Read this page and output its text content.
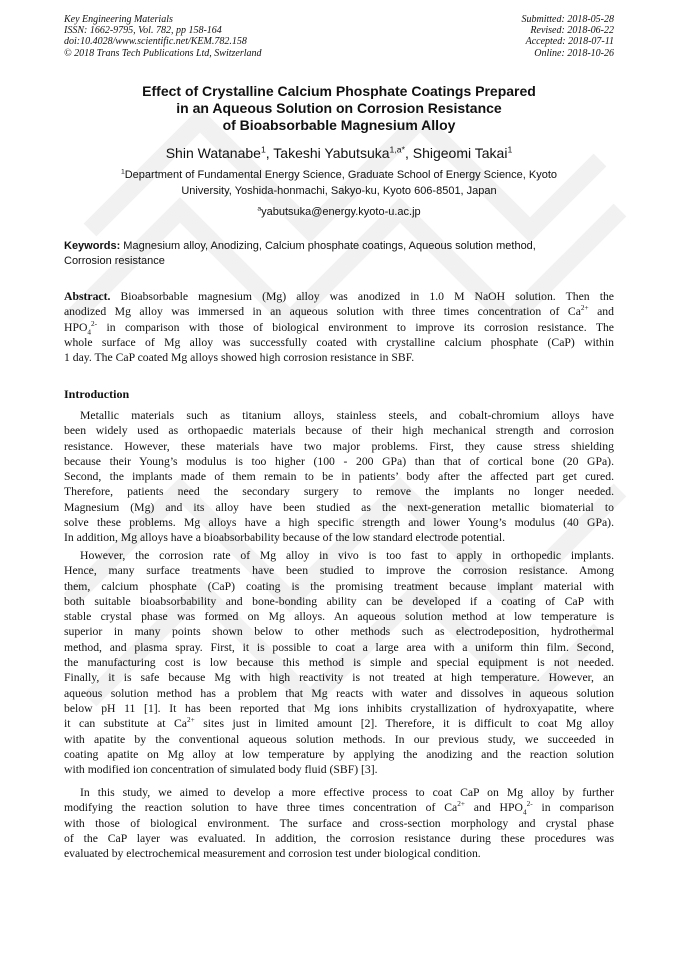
Key Engineering Materials
ISSN: 1662-9795, Vol. 782, pp 158-164
doi:10.4028/www.scientific.net/KEM.782.158
© 2018 Trans Tech Publications Ltd, Switzerland
Submitted: 2018-05-28
Revised: 2018-06-22
Accepted: 2018-07-11
Online: 2018-10-26
Effect of Crystalline Calcium Phosphate Coatings Prepared
in an Aqueous Solution on Corrosion Resistance
of Bioabsorbable Magnesium Alloy
Shin Watanabe$^1$, Takeshi Yabutsuka$^{1,a*}$, Shigeomi Takai$^1$
$^1$Department of Fundamental Energy Science, Graduate School of Energy Science, Kyoto
University, Yoshida-honmachi, Sakyo-ku, Kyoto 606-8501, Japan
$^a$yabutsuka@energy.kyoto-u.ac.jp
Keywords: Magnesium alloy, Anodizing, Calcium phosphate coatings, Aqueous solution method,
Corrosion resistance
Abstract. Bioabsorbable magnesium (Mg) alloy was anodized in 1.0 M NaOH solution. Then the
anodized Mg alloy was immersed in an aqueous solution with three times concentration of $Ca^{2+}$ and
$HPO_4^{2-}$ in comparison with those of biological environment to improve its corrosion resistance. The
whole surface of Mg alloy was successfully coated with crystalline calcium phosphate (CaP) within
1 day. The CaP coated Mg alloys showed high corrosion resistance in SBF.
Introduction
Metallic materials such as titanium alloys, stainless steels, and cobalt-chromium alloys have
been widely used as orthopaedic materials because of their high mechanical strength and corrosion
resistance. However, these materials have two major problems. First, they cause stress shielding
because their Young’s modulus is too higher (100 - 200 GPa) than that of cortical bone (20 GPa).
Second, the implants made of them remain to be in patients’ body after the affected part get cured.
Therefore, patients need the secondary surgery to remove the implants no longer needed.
Magnesium (Mg) and its alloy have been studied as the next-generation metallic biomaterial to
solve these problems. Mg alloys have a high specific strength and lower Young’s modulus (40 GPa).
In addition, Mg alloys have a bioabsorbability because of the low standard electrode potential.
However, the corrosion rate of Mg alloy in vivo is too fast to apply in orthopedic implants.
Hence, many surface treatments have been studied to improve the corrosion resistance. Among
them, calcium phosphate (CaP) coating is the promising treatment because implant material with
both suitable bioabsorbability and bone-bonding ability can be developed if a coating of CaP with
stable crystal phase was formed on Mg alloys. An aqueous solution method at low temperature is
superior in many points shown below to other methods such as electrodeposition, hydrothermal
method, and plasma spray. First, it is possible to coat a large area with a uniform thin film. Second,
the manufacturing cost is low because this method is simple and special equipment is not needed.
Finally, it is safe because Mg with high reactivity is not treated at high temperature. However, an
aqueous solution method has a problem that Mg reacts with water and dissolves in aqueous solution
below pH 11 [1]. It has been reported that Mg ions inhibits crystallization of hydroxyapatite, where
it can substitute at $Ca^{2+}$ sites just in limited amount [2]. Therefore, it is difficult to coat Mg alloy
with apatite by the conventional aqueous solution methods. In our previous study, we succeeded in
coating apatite on Mg alloy at low temperature by applying the anodizing and the reaction solution
with modified ion concentration of simulated body fluid (SBF) [3].
In this study, we aimed to develop a more effective process to coat CaP on Mg alloy by further
modifying the reaction solution to have three times concentration of $Ca^{2+}$ and $HPO_4^{2-}$ in comparison
with those of biological environment. The surface and cross-section morphology and crystal phase
of the CaP layer was evaluated. In addition, the corrosion resistance during these procedures was
evaluated by electrochemical measurement and corrosion test under biological condition.
